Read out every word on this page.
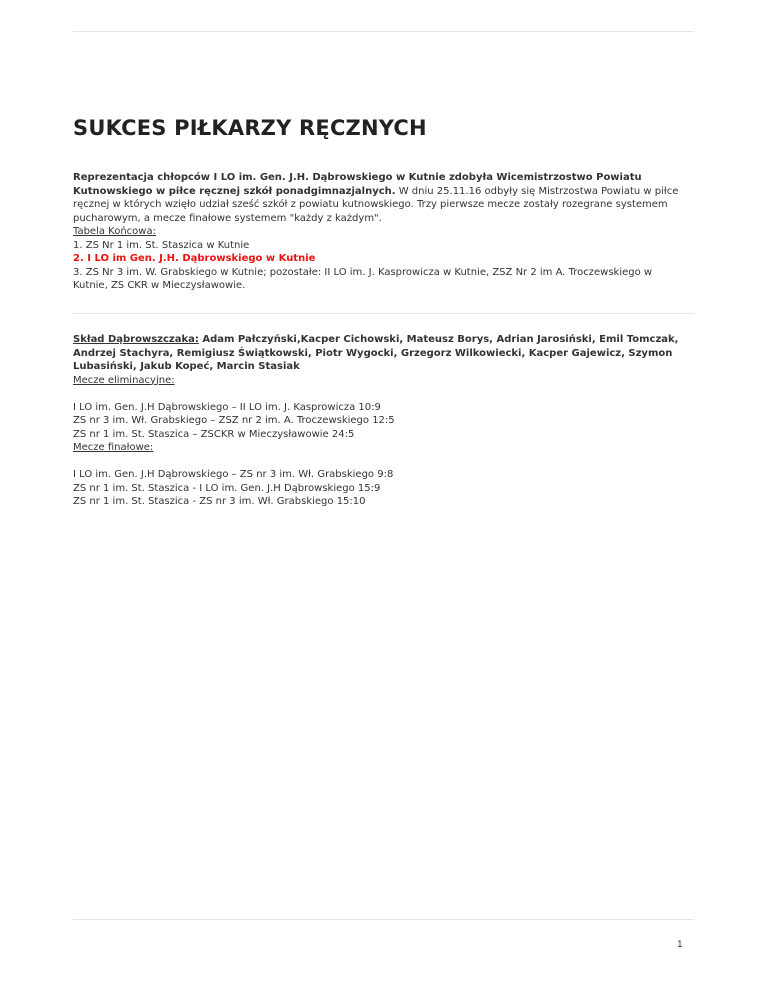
SUKCES PIŁKARZY RĘCZNYCH
Reprezentacja chłopców I LO im. Gen. J.H. Dąbrowskiego w Kutnie zdobyła Wicemistrzostwo Powiatu Kutnowskiego w piłce ręcznej szkół ponadgimnazjalnych. W dniu 25.11.16 odbyły się Mistrzostwa Powiatu w piłce ręcznej w których wzięło udział sześć szkół z powiatu kutnowskiego. Trzy pierwsze mecze zostały rozegrane systemem pucharowym, a mecze finałowe systemem "każdy z każdym".
Tabela Końcowa:
1. ZS Nr 1 im. St. Staszica w Kutnie
2. I LO im Gen. J.H. Dąbrowskiego w Kutnie
3. ZS Nr 3 im. W. Grabskiego w Kutnie; pozostałe: II LO im. J. Kasprowicza w Kutnie, ZSZ Nr 2 im A. Troczewskiego w Kutnie, ZS CKR w Mieczysławowie.
Skład Dąbrowszczaka: Adam Pałczyński,Kacper Cichowski, Mateusz Borys, Adrian Jarosiński, Emil Tomczak, Andrzej Stachyra, Remigiusz Świątkowski, Piotr Wygocki, Grzegorz Wilkowiecki, Kacper Gajewicz, Szymon Lubasiński, Jakub Kopeć, Marcin Stasiak
Mecze eliminacyjne:
I LO im. Gen. J.H Dąbrowskiego – II LO im. J. Kasprowicza 10:9
ZS nr 3 im. Wł. Grabskiego – ZSZ nr 2 im. A. Troczewskiego 12:5
ZS nr 1 im. St. Staszica – ZSCKR w Mieczysławowie 24:5
Mecze finałowe:
I LO im. Gen. J.H Dąbrowskiego – ZS nr 3 im. Wł. Grabskiego 9:8
ZS nr 1 im. St. Staszica - I LO im. Gen. J.H Dąbrowskiego 15:9
ZS nr 1 im. St. Staszica - ZS nr 3 im. Wł. Grabskiego 15:10
1
